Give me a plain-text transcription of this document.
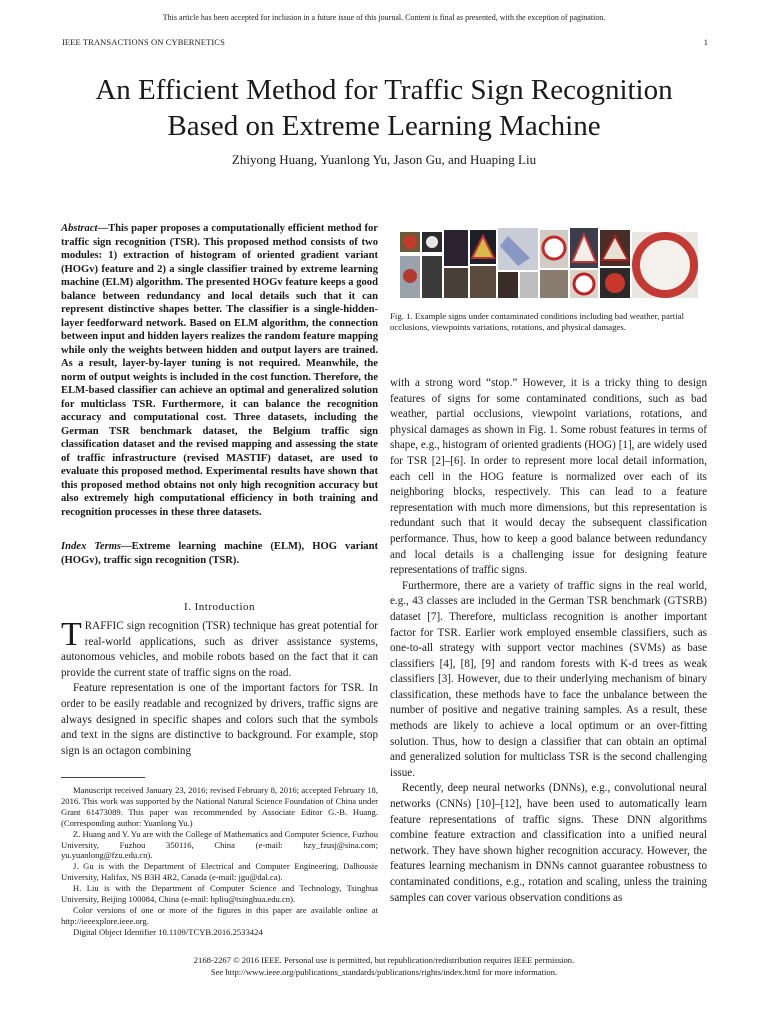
This article has been accepted for inclusion in a future issue of this journal. Content is final as presented, with the exception of pagination.
IEEE TRANSACTIONS ON CYBERNETICS	1
An Efficient Method for Traffic Sign Recognition
Based on Extreme Learning Machine
Zhiyong Huang, Yuanlong Yu, Jason Gu, and Huaping Liu
Abstract—This paper proposes a computationally efficient method for traffic sign recognition (TSR). This proposed method consists of two modules: 1) extraction of histogram of oriented gradient variant (HOGv) feature and 2) a single classifier trained by extreme learning machine (ELM) algorithm. The presented HOGv feature keeps a good balance between redundancy and local details such that it can represent distinctive shapes better. The classifier is a single-hidden-layer feedforward network. Based on ELM algorithm, the connection between input and hidden layers realizes the random feature mapping while only the weights between hidden and output layers are trained. As a result, layer-by-layer tuning is not required. Meanwhile, the norm of output weights is included in the cost function. Therefore, the ELM-based classifier can achieve an optimal and generalized solution for multiclass TSR. Furthermore, it can balance the recognition accuracy and computational cost. Three datasets, including the German TSR benchmark dataset, the Belgium traffic sign classification dataset and the revised mapping and assessing the state of traffic infrastructure (revised MASTIF) dataset, are used to evaluate this proposed method. Experimental results have shown that this proposed method obtains not only high recognition accuracy but also extremely high computational efficiency in both training and recognition processes in these three datasets.
Index Terms—Extreme learning machine (ELM), HOG variant (HOGv), traffic sign recognition (TSR).
I. Introduction

TRAFFIC sign recognition (TSR) technique has great potential for real-world applications, such as driver assistance systems, autonomous vehicles, and mobile robots based on the fact that it can provide the current state of traffic signs on the road.

Feature representation is one of the important factors for TSR. In order to be easily readable and recognized by drivers, traffic signs are always designed in specific shapes and colors such that the symbols and text in the signs are distinctive to background. For example, stop sign is an octagon combining

Manuscript received January 23, 2016; revised February 8, 2016; accepted February 18, 2016. This work was supported by the National Natural Science Foundation of China under Grant 61473089. This paper was recommended by Associate Editor G.-B. Huang. (Corresponding author: Yuanlong Yu.)

Z. Huang and Y. Yu are with the College of Mathematics and Computer Science, Fuzhou University, Fuzhou 350116, China (e-mail: hzy_fzusj@sina.com; yu.yuanlong@fzu.edu.cn).

J. Gu is with the Department of Electrical and Computer Engineering, Dalhousie University, Halifax, NS B3H 4R2, Canada (e-mail: jgu@dal.ca).

H. Liu is with the Department of Computer Science and Technology, Tsinghua University, Beijing 100084, China (e-mail: hpliu@tsinghua.edu.cn).

Color versions of one or more of the figures in this paper are available online at http://ieeexplore.ieee.org.

Digital Object Identifier 10.1109/TCYB.2016.2533424

Fig. 1. Example signs under contaminated conditions including bad weather, partial occlusions, viewpoints variations, rotations, and physical damages.

with a strong word “stop.” However, it is a tricky thing to design features of signs for some contaminated conditions, such as bad weather, partial occlusions, viewpoint variations, rotations, and physical damages as shown in Fig. 1. Some robust features in terms of shape, e.g., histogram of oriented gradients (HOG) [1], are widely used for TSR [2]–[6]. In order to represent more local detail information, each cell in the HOG feature is normalized over each of its neighboring blocks, respectively. This can lead to a feature representation with much more dimensions, but this representation is redundant such that it would decay the subsequent classification performance. Thus, how to keep a good balance between redundancy and local details is a challenging issue for designing feature representations of traffic signs.

Furthermore, there are a variety of traffic signs in the real world, e.g., 43 classes are included in the German TSR benchmark (GTSRB) dataset [7]. Therefore, multiclass recognition is another important factor for TSR. Earlier work employed ensemble classifiers, such as one-to-all strategy with support vector machines (SVMs) as base classifiers [4], [8], [9] and random forests with K-d trees as weak classifiers [3]. However, due to their underlying mechanism of binary classification, these methods have to face the unbalance between the number of positive and negative training samples. As a result, these methods are likely to achieve a local optimum or an over-fitting solution. Thus, how to design a classifier that can obtain an optimal and generalized solution for multiclass TSR is the second challenging issue.

Recently, deep neural networks (DNNs), e.g., convolutional neural networks (CNNs) [10]–[12], have been used to automatically learn feature representations of traffic signs. These DNN algorithms combine feature extraction and classification into a unified neural network. They have shown higher recognition accuracy. However, the features learning mechanism in DNNs cannot guarantee robustness to contaminated conditions, e.g., rotation and scaling, unless the training samples can cover various observation conditions as

2168-2267 © 2016 IEEE. Personal use is permitted, but republication/redistribution requires IEEE permission.
See http://www.ieee.org/publications_standards/publications/rights/index.html for more information.
